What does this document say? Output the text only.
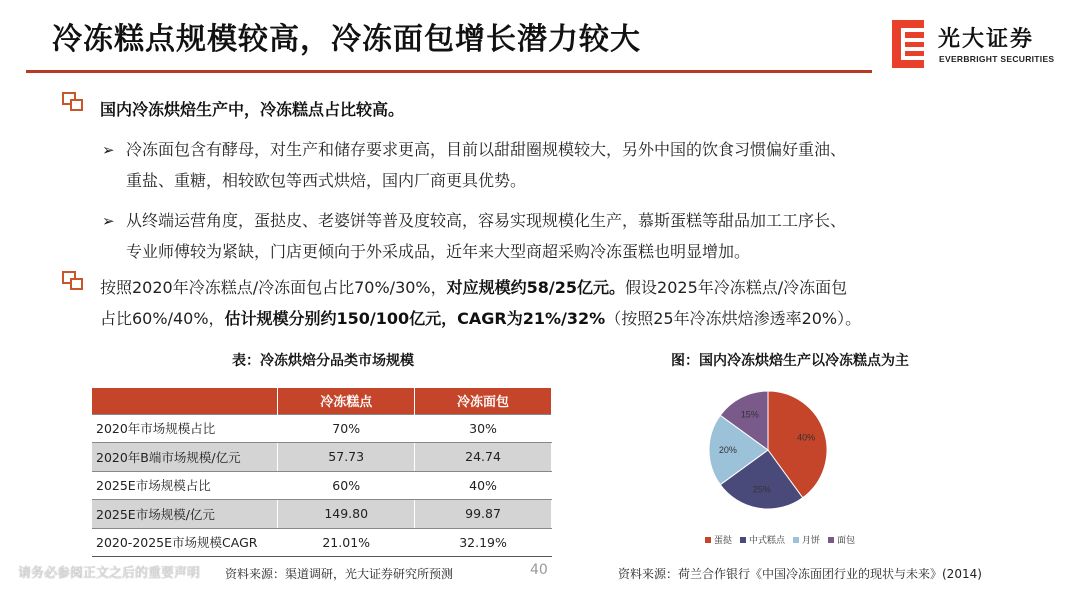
冷冻糕点规模较高，冷冻面包增长潜力较大	光大证券
EVERBRIGHT SECURITIES
国内冷冻烘焙生产中，冷冻糕点占比较高。
➢ 冷冻面包含有酵母，对生产和储存要求更高，目前以甜甜圈规模较大，另外中国的饮食习惯偏好重油、
重盐、重糖，相较欧包等西式烘焙，国内厂商更具优势。
➢ 从终端运营角度，蛋挞皮、老婆饼等普及度较高，容易实现规模化生产，慕斯蛋糕等甜品加工工序长、
专业师傅较为紧缺，门店更倾向于外采成品，近年来大型商超采购冷冻蛋糕也明显增加。
按照2020年冷冻糕点/冷冻面包占比70%/30%，对应规模约58/25亿元。假设2025年冷冻糕点/冷冻面包
占比60%/40%，估计规模分别约150/100亿元，CAGR为21%/32%（按照25年冷冻烘焙渗透率20%）。
表：冷冻烘焙分品类市场规模
	冷冻糕点	冷冻面包
2020年市场规模占比	70%	30%
2020年B端市场规模/亿元	57.73	24.74
2025E市场规模占比	60%	40%
2025E市场规模/亿元	149.80	99.87
2020-2025E市场规模CAGR	21.01%	32.19%
图：国内冷冻烘焙生产以冷冻糕点为主
40%
25%
20%
15%
蛋挞 中式糕点 月饼 面包
请务必参阅正文之后的重要声明 资料来源：渠道调研，光大证券研究所预测	40	资料来源：荷兰合作银行《中国冷冻面团行业的现状与未来》(2014)
